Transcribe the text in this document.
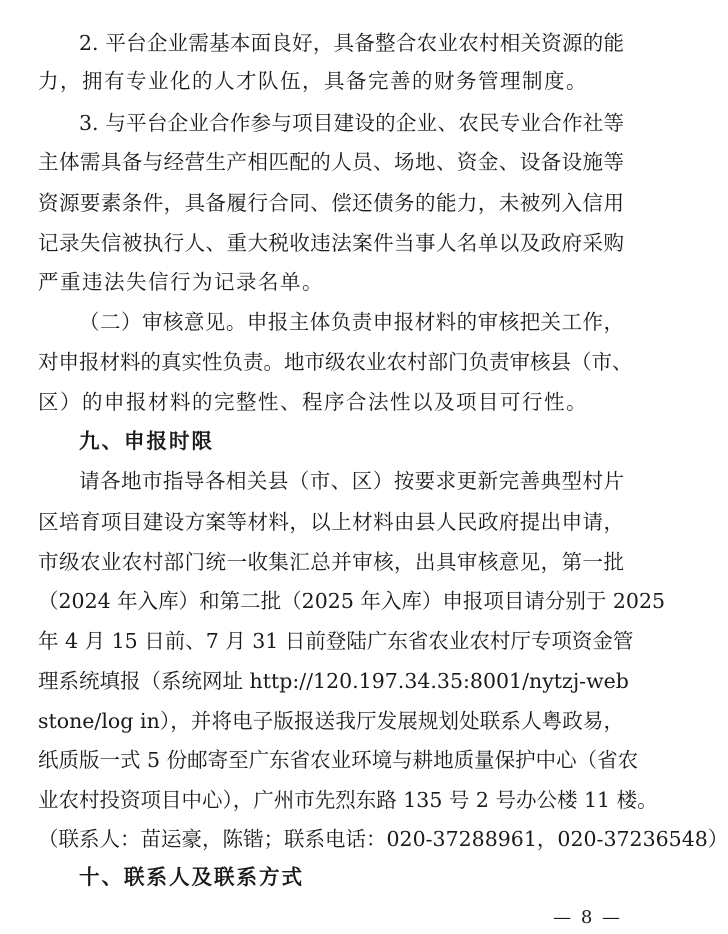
2. 平台企业需基本面良好，具备整合农业农村相关资源的能
力，拥有专业化的人才队伍，具备完善的财务管理制度。
3. 与平台企业合作参与项目建设的企业、农民专业合作社等
主体需具备与经营生产相匹配的人员、场地、资金、设备设施等
资源要素条件，具备履行合同、偿还债务的能力，未被列入信用
记录失信被执行人、重大税收违法案件当事人名单以及政府采购
严重违法失信行为记录名单。
（二）审核意见。申报主体负责申报材料的审核把关工作，
对申报材料的真实性负责。地市级农业农村部门负责审核县（市、
区）的申报材料的完整性、程序合法性以及项目可行性。
九、申报时限
请各地市指导各相关县（市、区）按要求更新完善典型村片
区培育项目建设方案等材料，以上材料由县人民政府提出申请，
市级农业农村部门统一收集汇总并审核，出具审核意见，第一批
（2024 年入库）和第二批（2025 年入库）申报项目请分别于 2025
年 4 月 15 日前、7 月 31 日前登陆广东省农业农村厅专项资金管
理系统填报（系统网址 http://120.197.34.35:8001/nytzj-web
stone/log in），并将电子版报送我厅发展规划处联系人粤政易，
纸质版一式 5 份邮寄至广东省农业环境与耕地质量保护中心（省农
业农村投资项目中心），广州市先烈东路 135 号 2 号办公楼 11 楼。
（联系人：苗运豪，陈锴；联系电话：020-37288961，020-37236548）
十、联系人及联系方式
— 8 —
